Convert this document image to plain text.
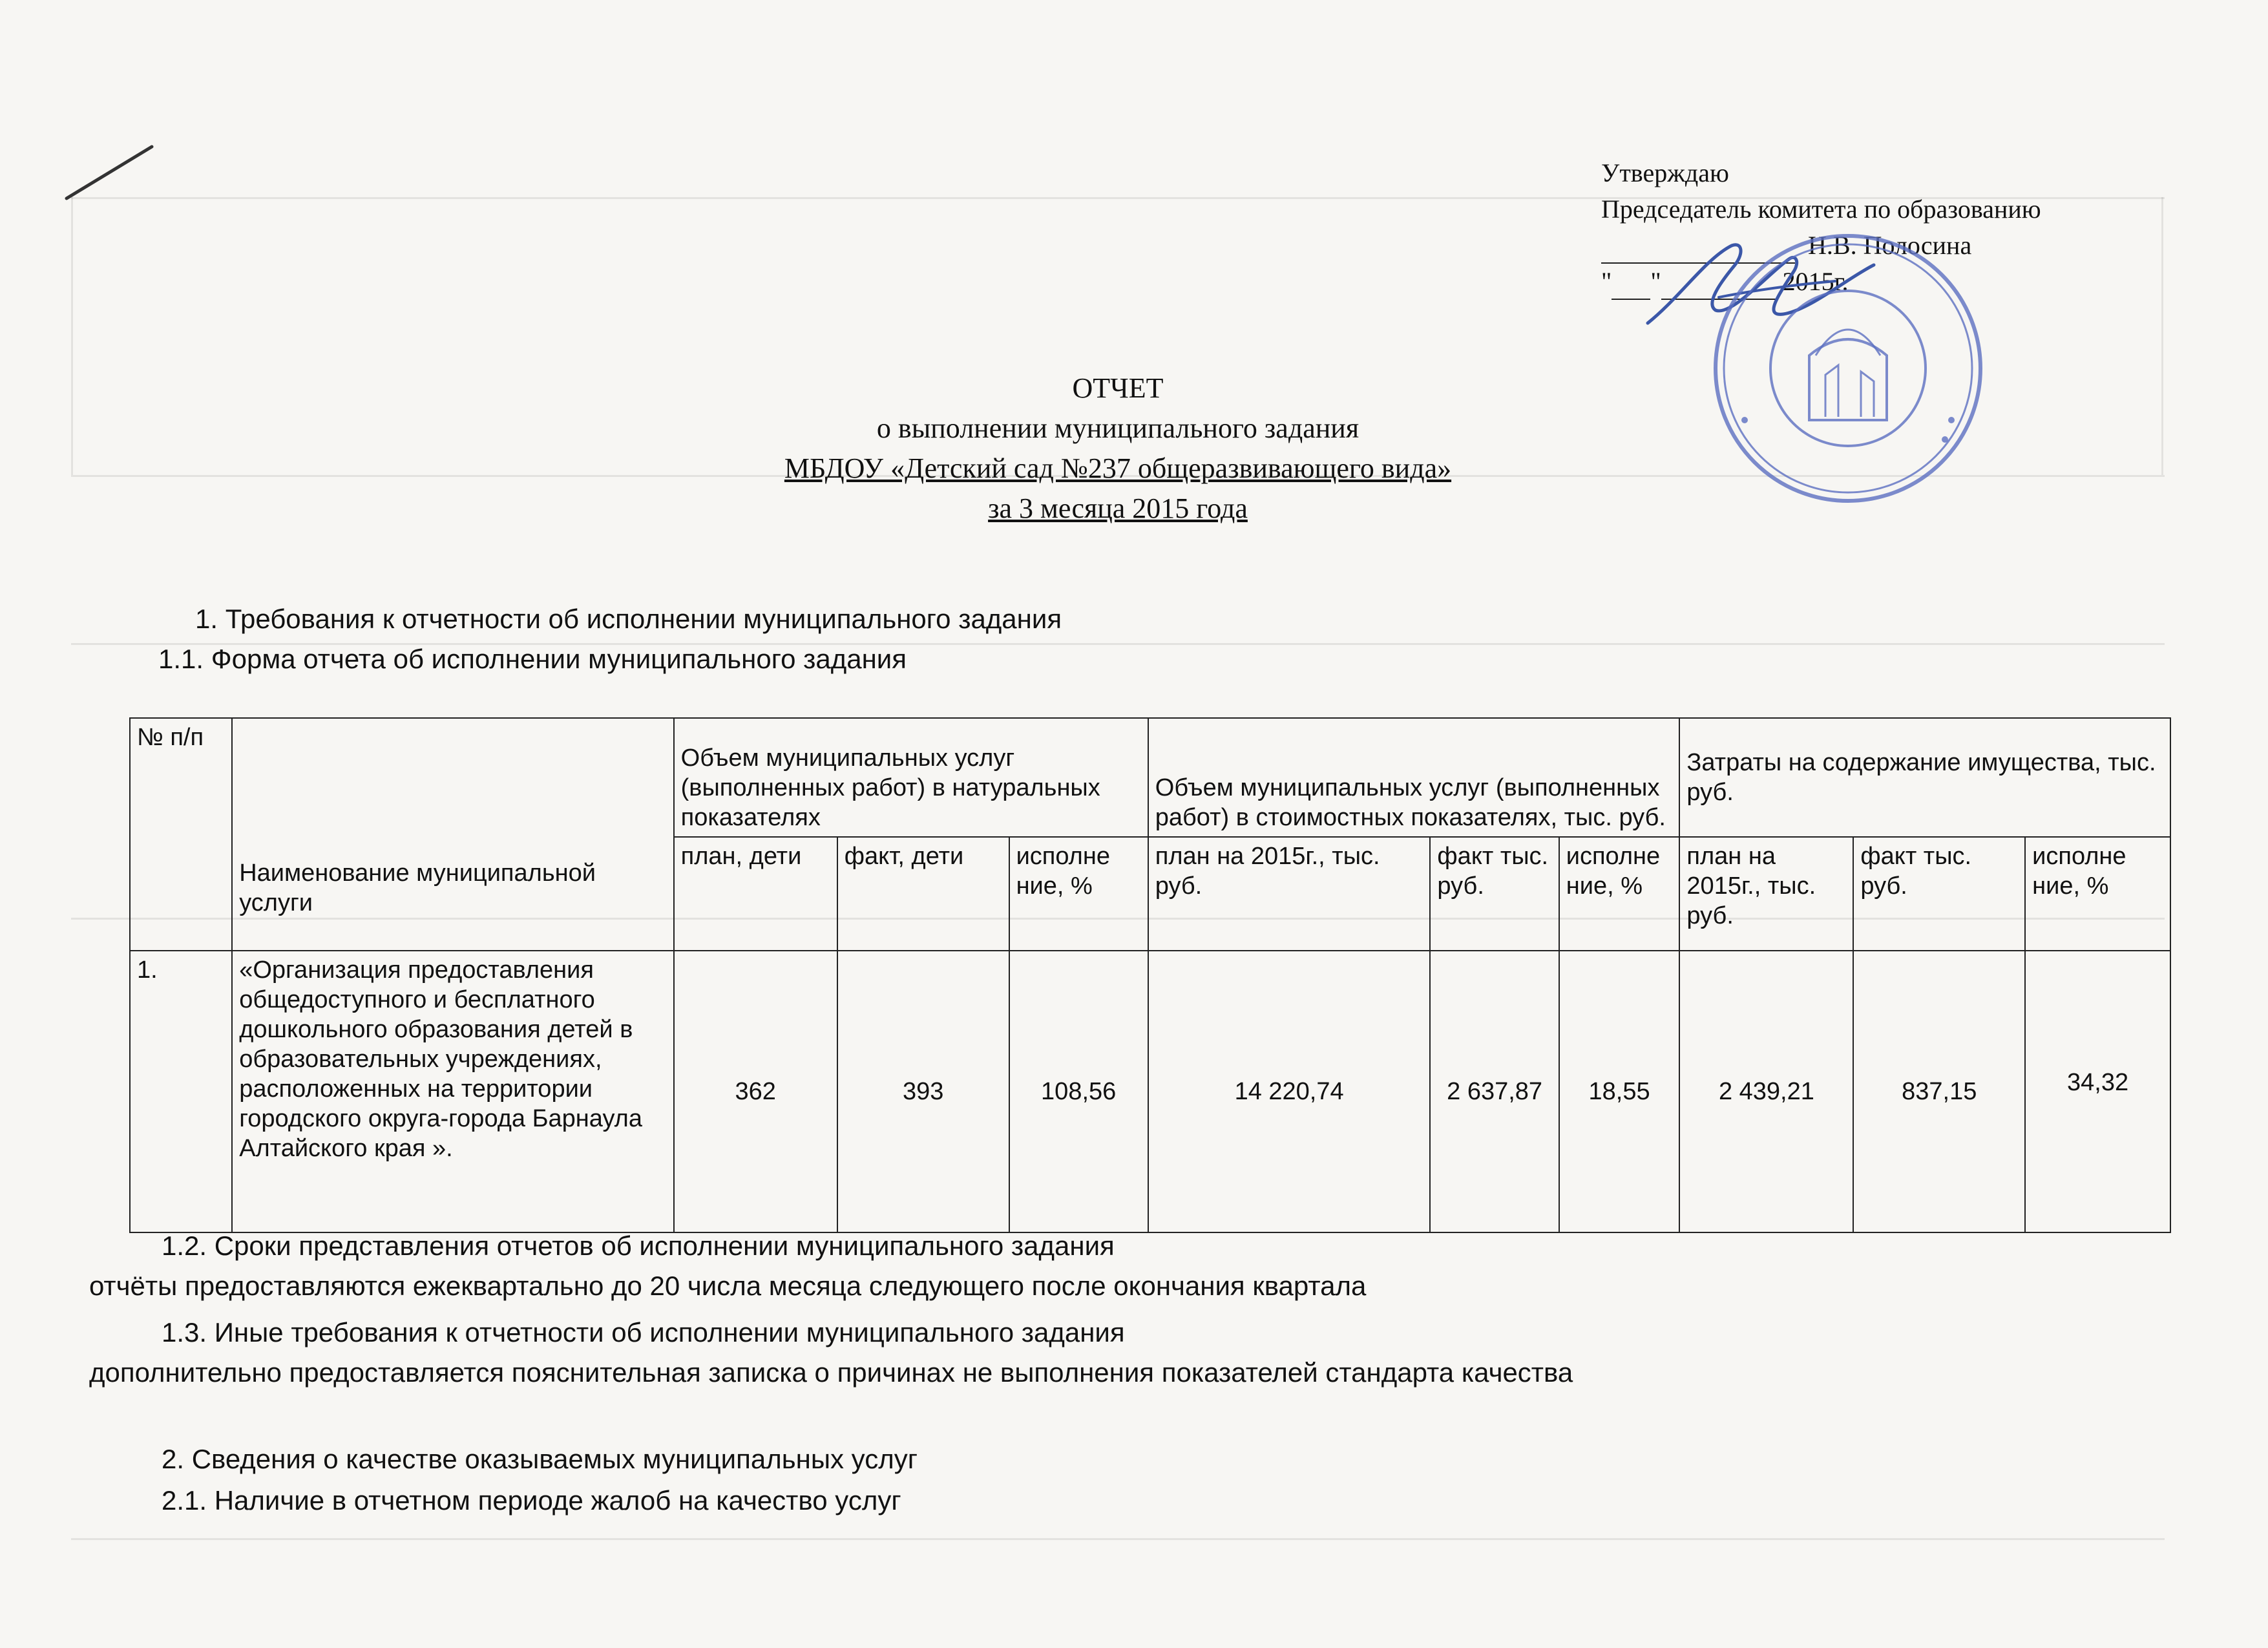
Утверждаю
Председатель комитета по образованию
Н.В. Полосина
" "	2015г.
ОТЧЕТ
о выполнении муниципального задания
МБДОУ «Детский сад №237 общеразвивающего вида»
за 3 месяца 2015 года
1. Требования к отчетности об исполнении муниципального задания
1.1. Форма отчета об исполнении муниципального задания
№ п/п	Наименование муниципальной услуги	Объем муниципальных услуг (выполненных работ) в натуральных показателях			Объем муниципальных услуг (выполненных работ) в стоимостных показателях, тыс. руб.			Затраты на содержание имущества, тыс. руб.		
		план, дети	факт, дети	исполне ние, %	план на 2015г., тыс. руб.	факт тыс. руб.	исполне ние, %	план на 2015г., тыс. руб.	факт тыс. руб.	исполне ние, %
1.	«Организация предоставления общедоступного и бесплатного дошкольного образования детей в образовательных учреждениях, расположенных на территории городского округа-города Барнаула Алтайского края ».	362	393	108,56	14 220,74	2 637,87	18,55	2 439,21	837,15	34,32
1.2. Сроки представления отчетов об исполнении муниципального задания
отчёты предоставляются ежеквартально до 20 числа месяца следующего после окончания квартала
1.3. Иные требования к отчетности об исполнении муниципального задания
дополнительно предоставляется пояснительная записка о причинах не выполнения показателей стандарта качества
2. Сведения о качестве оказываемых муниципальных услуг
2.1. Наличие в отчетном периоде жалоб на качество услуг
